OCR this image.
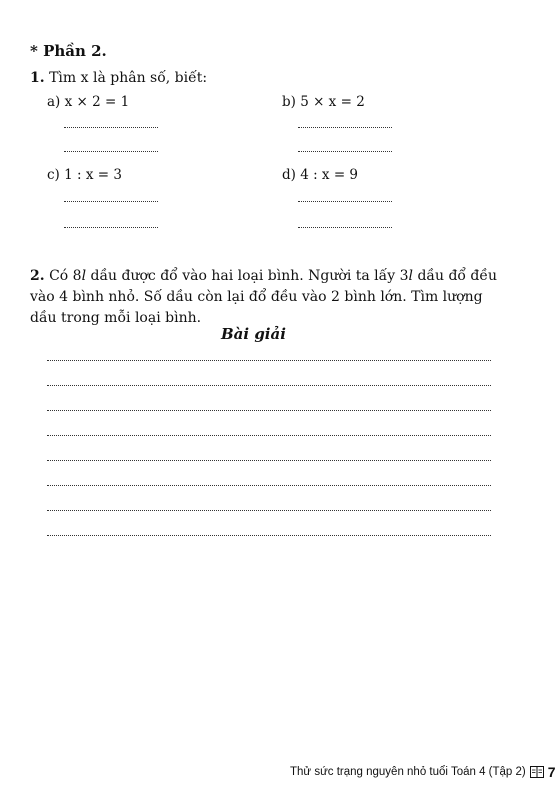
* Phần 2.
1. Tìm x là phân số, biết:
a) x × 2 = 1	b) 5 × x = 2
c) 1 : x = 3	d) 4 : x = 9
2. Có 8l dầu được đổ vào hai loại bình. Người ta lấy 3l dầu đổ đều vào 4 bình nhỏ. Số dầu còn lại đổ đều vào 2 bình lớn. Tìm lượng dầu trong mỗi loại bình.
Bài giải
Thử sức trạng nguyên nhỏ tuổi Toán 4 (Tập 2) 7
